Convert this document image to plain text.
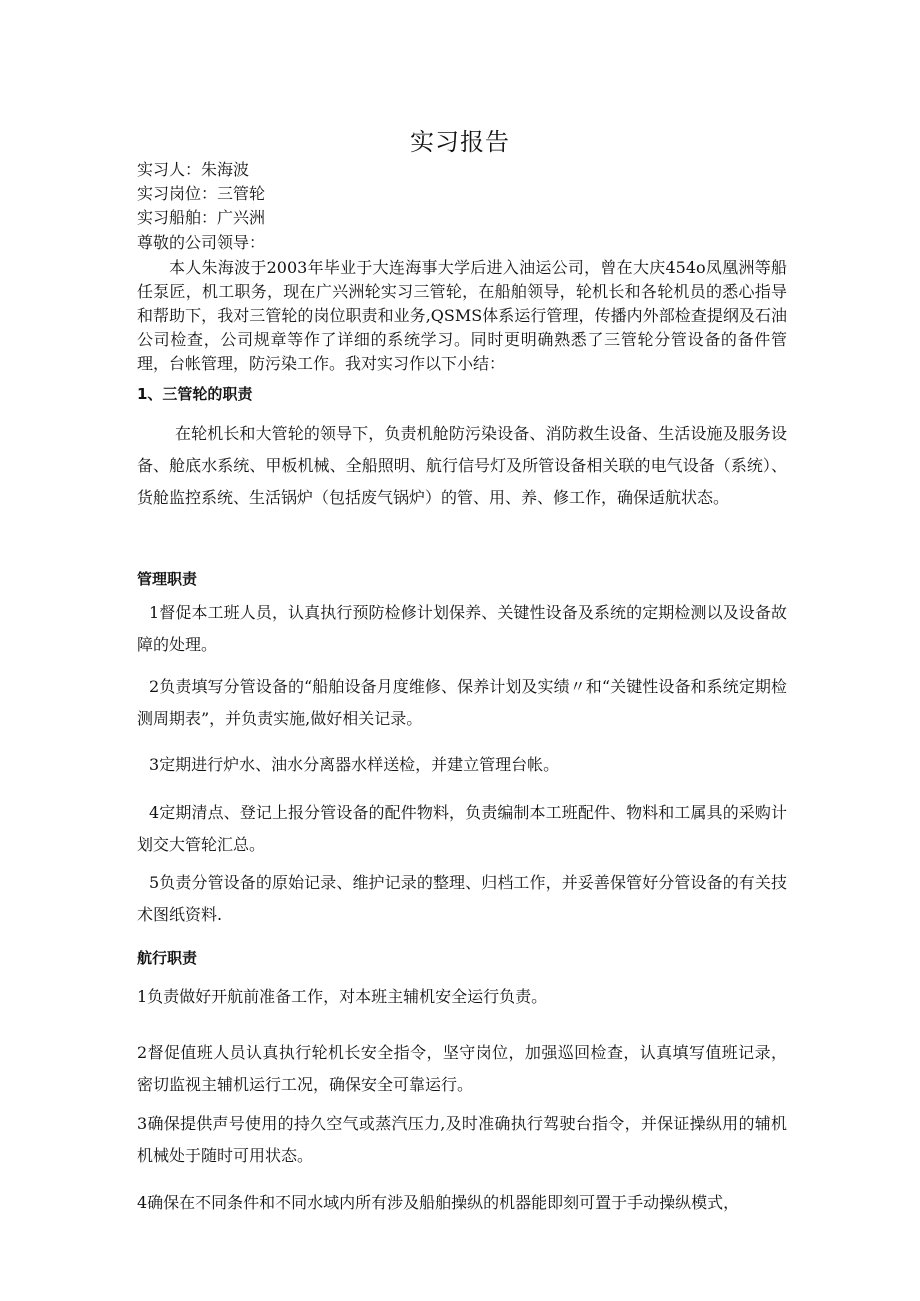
实习报告
实习人：朱海波
实习岗位：三管轮
实习船舶：广兴洲
尊敬的公司领导：
本人朱海波于2003年毕业于大连海事大学后进入油运公司，曾在大庆454o凤凰洲等船任泵匠，机工职务，现在广兴洲轮实习三管轮，在船舶领导，轮机长和各轮机员的悉心指导和帮助下，我对三管轮的岗位职责和业务,QSMS体系运行管理，传播内外部检查提纲及石油公司检查，公司规章等作了详细的系统学习。同时更明确熟悉了三管轮分管设备的备件管理，台帐管理，防污染工作。我对实习作以下小结：
1、三管轮的职责
在轮机长和大管轮的领导下，负责机舱防污染设备、消防救生设备、生活设施及服务设备、舱底水系统、甲板机械、全船照明、航行信号灯及所管设备相关联的电气设备（系统）、货舱监控系统、生活锅炉（包括废气锅炉）的管、用、养、修工作，确保适航状态。
管理职责
1督促本工班人员，认真执行预防检修计划保养、关键性设备及系统的定期检测以及设备故障的处理。
2负责填写分管设备的“船舶设备月度维修、保养计划及实绩〃和“关键性设备和系统定期检测周期表”，并负责实施,做好相关记录。
3定期进行炉水、油水分离器水样送检，并建立管理台帐。
4定期清点、登记上报分管设备的配件物料，负责编制本工班配件、物料和工属具的采购计划交大管轮汇总。
5负责分管设备的原始记录、维护记录的整理、归档工作，并妥善保管好分管设备的有关技术图纸资料.
航行职责
1负责做好开航前准备工作，对本班主辅机安全运行负责。
2督促值班人员认真执行轮机长安全指令，坚守岗位，加强巡回检查，认真填写值班记录，密切监视主辅机运行工况，确保安全可靠运行。
3确保提供声号使用的持久空气或蒸汽压力,及时准确执行驾驶台指令，并保证操纵用的辅机机械处于随时可用状态。
4确保在不同条件和不同水域内所有涉及船舶操纵的机器能即刻可置于手动操纵模式，
